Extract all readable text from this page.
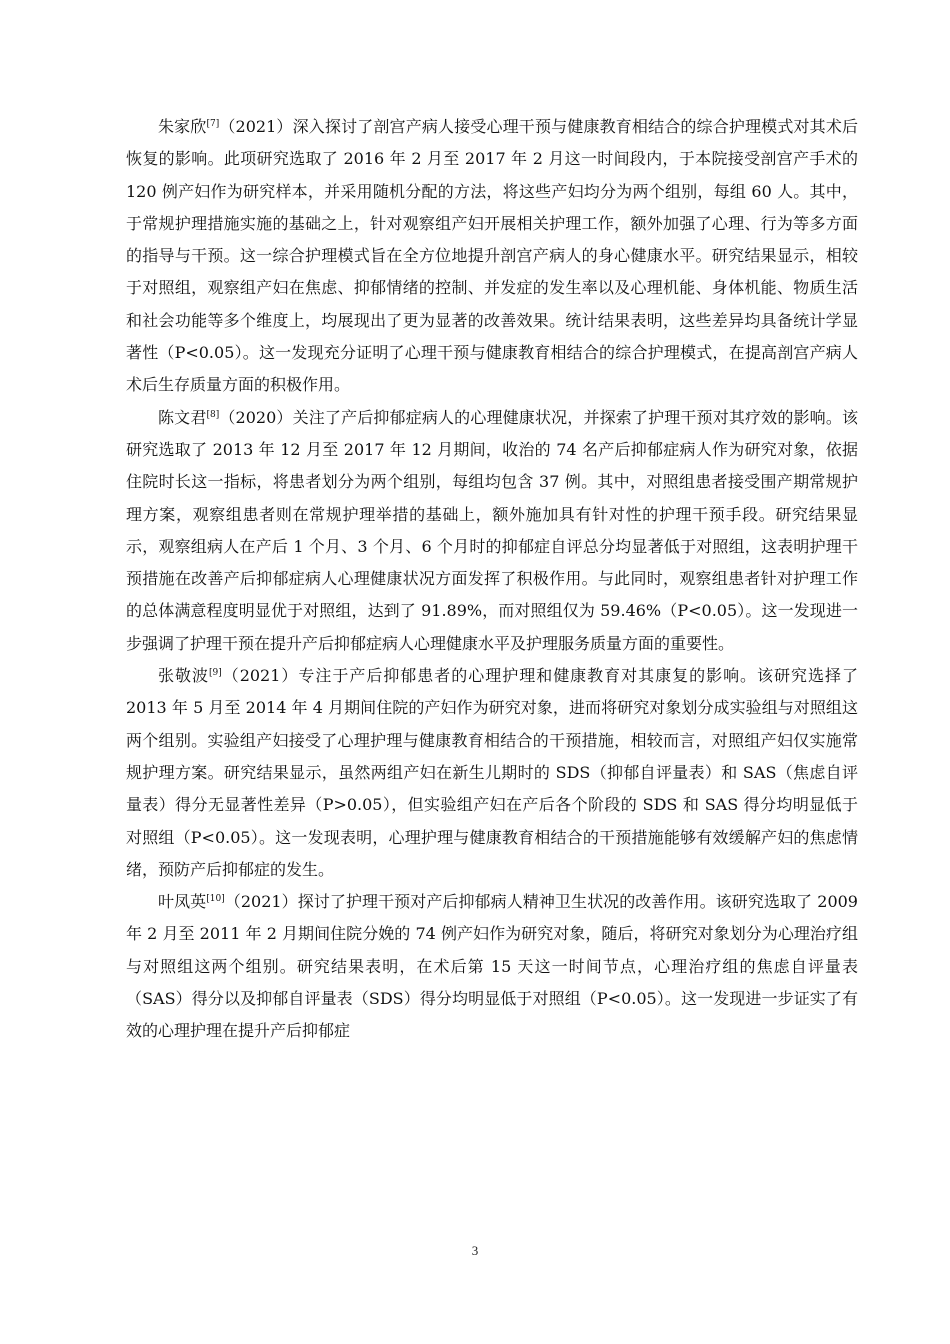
朱家欣[7]（2021）深入探讨了剖宫产病人接受心理干预与健康教育相结合的综合护理模式对其术后恢复的影响。此项研究选取了 2016 年 2 月至 2017 年 2 月这一时间段内，于本院接受剖宫产手术的 120 例产妇作为研究样本，并采用随机分配的方法，将这些产妇均分为两个组别，每组 60 人。其中，于常规护理措施实施的基础之上，针对观察组产妇开展相关护理工作，额外加强了心理、行为等多方面的指导与干预。这一综合护理模式旨在全方位地提升剖宫产病人的身心健康水平。研究结果显示，相较于对照组，观察组产妇在焦虑、抑郁情绪的控制、并发症的发生率以及心理机能、身体机能、物质生活和社会功能等多个维度上，均展现出了更为显著的改善效果。统计结果表明，这些差异均具备统计学显著性（P<0.05）。这一发现充分证明了心理干预与健康教育相结合的综合护理模式，在提高剖宫产病人术后生存质量方面的积极作用。

陈文君[8]（2020）关注了产后抑郁症病人的心理健康状况，并探索了护理干预对其疗效的影响。该研究选取了 2013 年 12 月至 2017 年 12 月期间，收治的 74 名产后抑郁症病人作为研究对象，依据住院时长这一指标，将患者划分为两个组别，每组均包含 37 例。其中，对照组患者接受围产期常规护理方案，观察组患者则在常规护理举措的基础上，额外施加具有针对性的护理干预手段。研究结果显示，观察组病人在产后 1 个月、3 个月、6 个月时的抑郁症自评总分均显著低于对照组，这表明护理干预措施在改善产后抑郁症病人心理健康状况方面发挥了积极作用。与此同时，观察组患者针对护理工作的总体满意程度明显优于对照组，达到了 91.89%，而对照组仅为 59.46%（P<0.05）。这一发现进一步强调了护理干预在提升产后抑郁症病人心理健康水平及护理服务质量方面的重要性。

张敬波[9]（2021）专注于产后抑郁患者的心理护理和健康教育对其康复的影响。该研究选择了 2013 年 5 月至 2014 年 4 月期间住院的产妇作为研究对象，进而将研究对象划分成实验组与对照组这两个组别。实验组产妇接受了心理护理与健康教育相结合的干预措施，相较而言，对照组产妇仅实施常规护理方案。研究结果显示，虽然两组产妇在新生儿期时的 SDS（抑郁自评量表）和 SAS（焦虑自评量表）得分无显著性差异（P>0.05），但实验组产妇在产后各个阶段的 SDS 和 SAS 得分均明显低于对照组（P<0.05）。这一发现表明，心理护理与健康教育相结合的干预措施能够有效缓解产妇的焦虑情绪，预防产后抑郁症的发生。

叶凤英[10]（2021）探讨了护理干预对产后抑郁病人精神卫生状况的改善作用。该研究选取了 2009 年 2 月至 2011 年 2 月期间住院分娩的 74 例产妇作为研究对象，随后，将研究对象划分为心理治疗组与对照组这两个组别。研究结果表明，在术后第 15 天这一时间节点，心理治疗组的焦虑自评量表（SAS）得分以及抑郁自评量表（SDS）得分均明显低于对照组（P<0.05）。这一发现进一步证实了有效的心理护理在提升产后抑郁症

3
